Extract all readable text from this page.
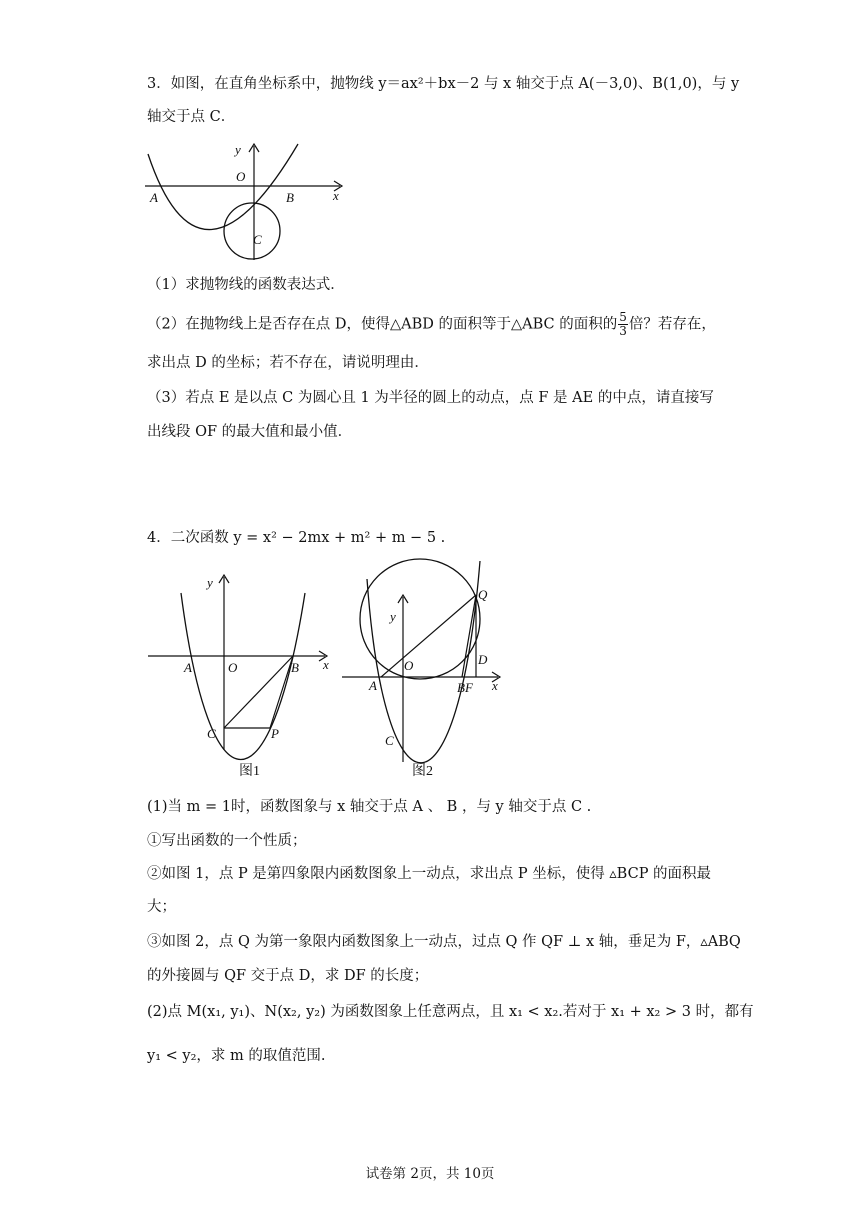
3．如图，在直角坐标系中，抛物线 y＝ax²＋bx－2 与 x 轴交于点 A(－3,0)、B(1,0)，与 y
轴交于点 C．
y
O
A	B	x
C
（1）求抛物线的函数表达式．
（2）在抛物线上是否存在点 D，使得△ABD 的面积等于△ABC 的面积的 $\frac{5}{3}$ 倍？若存在，
求出点 D 的坐标；若不存在，请说明理由．
（3）若点 E 是以点 C 为圆心且 1 为半径的圆上的动点，点 F 是 AE 的中点，请直接写
出线段 OF 的最大值和最小值．
4．二次函数 y = x² − 2mx + m² + m − 5 .
y
A	O	B x
C	P
图1
y
Q
A
O	D
BF x
C
图2
(1)当 m = 1时，函数图象与 x 轴交于点 A 、 B ，与 y 轴交于点 C .
①写出函数的一个性质；
②如图 1，点 P 是第四象限内函数图象上一动点，求出点 P 坐标，使得 ▵BCP 的面积最
大；
③如图 2，点 Q 为第一象限内函数图象上一动点，过点 Q 作 QF ⊥ x 轴，垂足为 F，▵ABQ
的外接圆与 QF 交于点 D，求 DF 的长度；
(2)点 M(x₁, y₁)、N(x₂, y₂) 为函数图象上任意两点，且 x₁ < x₂.若对于 x₁ + x₂ > 3 时，都有
y₁ < y₂，求 m 的取值范围.
试卷第 2页，共 10页
